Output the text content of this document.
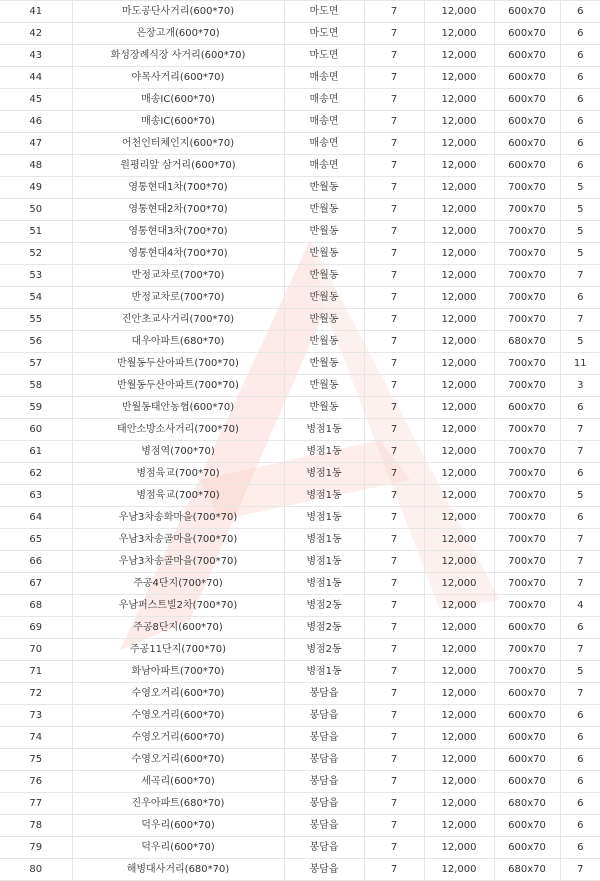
41	마도공단사거리(600*70)	마도면	7	12,000	600x70	6
42	은장고개(600*70)	마도면	7	12,000	600x70	6
43	화성장례식장 사거리(600*70)	마도면	7	12,000	600x70	6
44	야목사거리(600*70)	매송면	7	12,000	600x70	6
45	매송IC(600*70)	매송면	7	12,000	600x70	6
46	매송IC(600*70)	매송면	7	12,000	600x70	6
47	어천인터체인지(600*70)	매송면	7	12,000	600x70	6
48	원평리앞 삼거리(600*70)	매송면	7	12,000	600x70	6
49	영통현대1차(700*70)	반월동	7	12,000	700x70	5
50	영통현대2차(700*70)	반월동	7	12,000	700x70	5
51	영통현대3차(700*70)	반월동	7	12,000	700x70	5
52	영통현대4차(700*70)	반월동	7	12,000	700x70	5
53	반정교차로(700*70)	반월동	7	12,000	700x70	7
54	반정교차로(700*70)	반월동	7	12,000	700x70	6
55	진안초교사거리(700*70)	반월동	7	12,000	700x70	7
56	대우아파트(680*70)	반월동	7	12,000	680x70	5
57	반월동두산아파트(700*70)	반월동	7	12,000	700x70	11
58	반월동두산아파트(700*70)	반월동	7	12,000	700x70	3
59	반월동태안농협(600*70)	반월동	7	12,000	600x70	6
60	태안소방소사거리(700*70)	병점1동	7	12,000	700x70	7
61	병점역(700*70)	병점1동	7	12,000	700x70	7
62	병점육교(700*70)	병점1동	7	12,000	700x70	6
63	병점육교(700*70)	병점1동	7	12,000	700x70	5
64	우남3차송화마을(700*70)	병점1동	7	12,000	700x70	6
65	우남3차송골마을(700*70)	병점1동	7	12,000	700x70	7
66	우남3차송골마을(700*70)	병점1동	7	12,000	700x70	7
67	주공4단지(700*70)	병점1동	7	12,000	700x70	7
68	우남퍼스트빌2차(700*70)	병점2동	7	12,000	700x70	4
69	주공8단지(600*70)	병점2동	7	12,000	600x70	6
70	주공11단지(700*70)	병점2동	7	12,000	700x70	7
71	화남아파트(700*70)	병점1동	7	12,000	700x70	5
72	수영오거리(600*70)	봉담읍	7	12,000	600x70	7
73	수영오거리(600*70)	봉담읍	7	12,000	600x70	6
74	수영오거리(600*70)	봉담읍	7	12,000	600x70	6
75	수영오거리(600*70)	봉담읍	7	12,000	600x70	6
76	세곡리(600*70)	봉담읍	7	12,000	600x70	6
77	진우아파트(680*70)	봉담읍	7	12,000	680x70	6
78	덕우리(600*70)	봉담읍	7	12,000	600x70	6
79	덕우리(600*70)	봉담읍	7	12,000	600x70	6
80	해병대사거리(680*70)	봉담읍	7	12,000	680x70	7
